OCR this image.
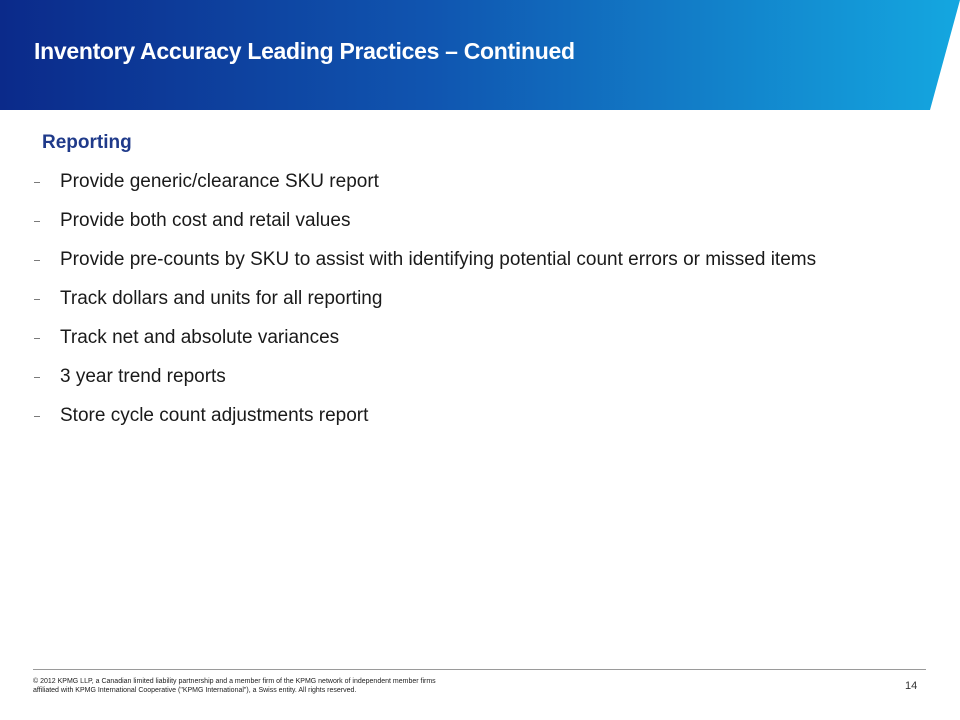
Inventory Accuracy Leading Practices – Continued
Reporting
Provide generic/clearance SKU report
Provide both cost and retail values
Provide pre-counts by SKU to assist with identifying potential count errors or missed items
Track dollars and units for all reporting
Track net and absolute variances
3 year trend reports
Store cycle count adjustments report

© 2012 KPMG LLP, a Canadian limited liability partnership and a member firm of the KPMG network of independent member firms
affiliated with KPMG International Cooperative ("KPMG International"), a Swiss entity. All rights reserved.	14
